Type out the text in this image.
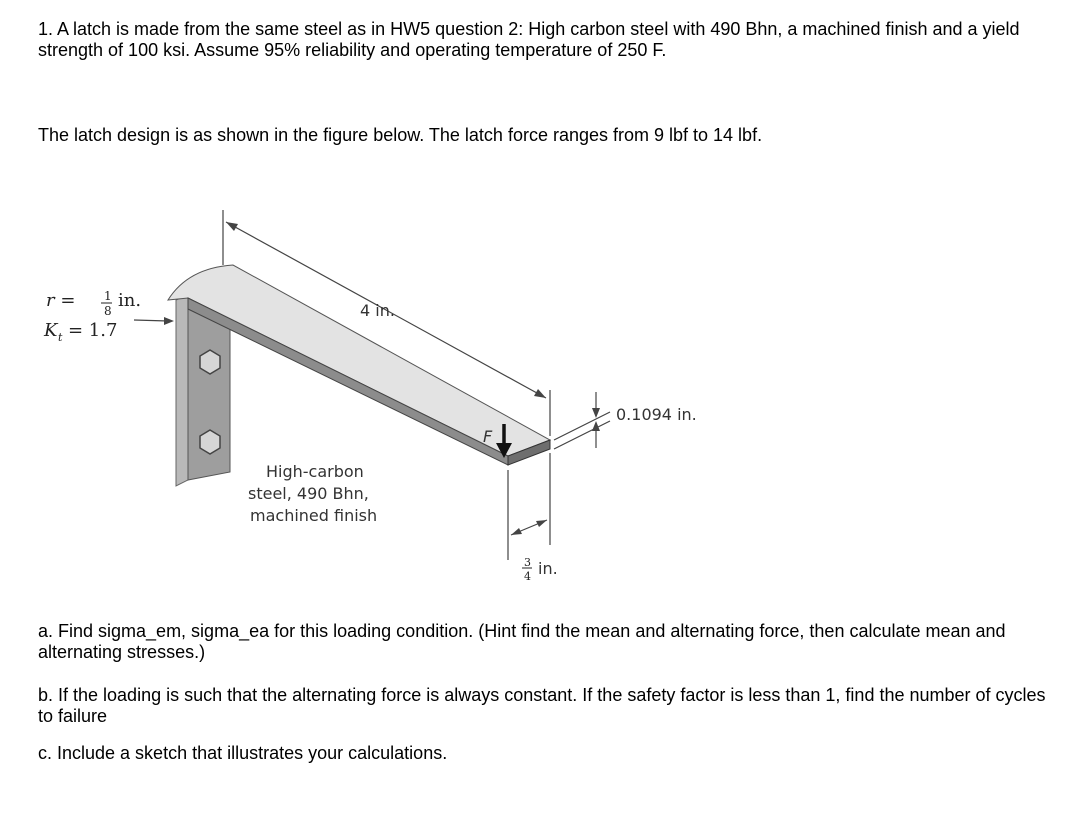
1. A latch is made from the same steel as in HW5 question 2: High carbon steel with 490 Bhn, a machined finish and a yield strength of 100 ksi. Assume 95% reliability and operating temperature of 250 F.

The latch design is as shown in the figure below. The latch force ranges from 9 lbf to 14 lbf.

4 in.
r = 1
8 in.
K t = 1.7
0.1094 in.
F
High-carbon
steel, 490 Bhn,
machined finish
3
4 in.

a. Find sigma_em, sigma_ea for this loading condition. (Hint find the mean and alternating force, then calculate mean and alternating stresses.)

b. If the loading is such that the alternating force is always constant. If the safety factor is less than 1, find the number of cycles to failure

c. Include a sketch that illustrates your calculations.
